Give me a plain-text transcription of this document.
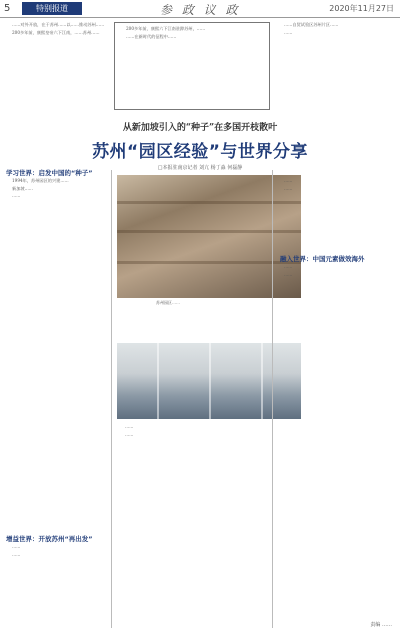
5	特别报道	参 政 议 政	2020年11月27日

……对外开放，在于苏州……以……推动苏州……

200多年前，康熙皇帝六下江南，……苏州……

200多年前，康熙六下江南驻跸苏州，……

……在新时代的征程中……

……自贸试验区苏州片区……

……

从新加坡引入的“种子”在多国开枝散叶
苏州“园区经验”与世界分享
□本报驻南京记者 刘亢 杨丁淼 何磊静
学习世界：启发中国的“种子”

1994年，苏州园区的兴建……

新加坡……

……

增益世界：开放苏州“再出发”

……

……

苏州园区……

……

……

……

……

融入世界：中国元素做效海外

……

……

责编 ……
